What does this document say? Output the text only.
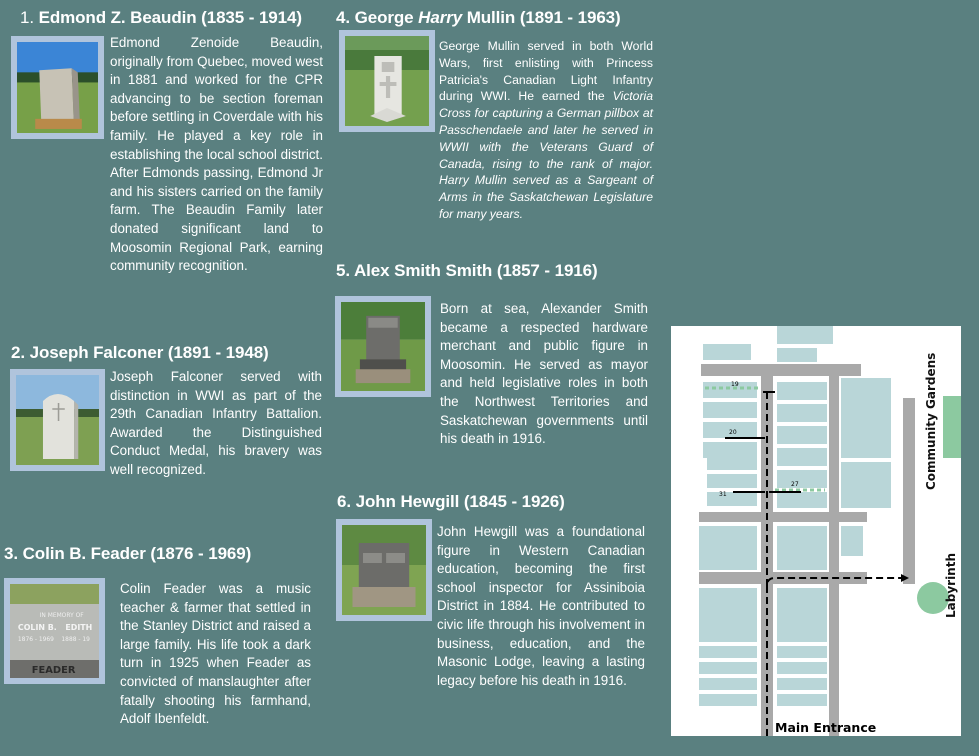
1. Edmond Z. Beaudin (1835 - 1914)

Edmond Zenoide Beaudin, originally from Quebec, moved west in 1881 and worked for the CPR advancing to be section foreman before settling in Coverdale with his family. He played a key role in establishing the local school district. After Edmonds passing, Edmond Jr and his sisters carried on the family farm. The Beaudin Family later donated significant land to Moosomin Regional Park, earning community recognition.

2. Joseph Falconer (1891 - 1948)

Joseph Falconer served with distinction in WWI as part of the 29th Canadian Infantry Battalion. Awarded the Distinguished Conduct Medal, his bravery was well recognized.

3. Colin B. Feader (1876 - 1969)
IN MEMORY OF
COLIN B. EDITH
1876 - 1969 1888 - 19
FEADER

Colin Feader was a music teacher & farmer that settled in the Stanley District and raised a large family. His life took a dark turn in 1925 when Feader as convicted of manslaughter after fatally shooting his farmhand, Adolf Ibenfeldt.

4. George Harry Mullin (1891 - 1963)

George Mullin served in both World Wars, first enlisting with Princess Patricia's Canadian Light Infantry during WWI. He earned the Victoria Cross for capturing a German pillbox at Passchendaele and later he served in WWII with the Veterans Guard of Canada, rising to the rank of major. Harry Mullin served as a Sargeant of Arms in the Saskatchewan Legislature for many years.

5. Alex Smith Smith (1857 - 1916)

Born at sea, Alexander Smith became a respected hardware merchant and public figure in Moosomin. He served as mayor and held legislative roles in both the Northwest Territories and Saskatchewan governments until his death in 1916.

6. John Hewgill (1845 - 1926)

John Hewgill was a foundational figure in Western Canadian education, becoming the first school inspector for Assiniboia District in 1884. He contributed to civic life through his involvement in business, education, and the Masonic Lodge, leaving a lasting legacy before his death in 1916.

19
20
31
27	Community Gardens
Labyrinth
Main Entrance
